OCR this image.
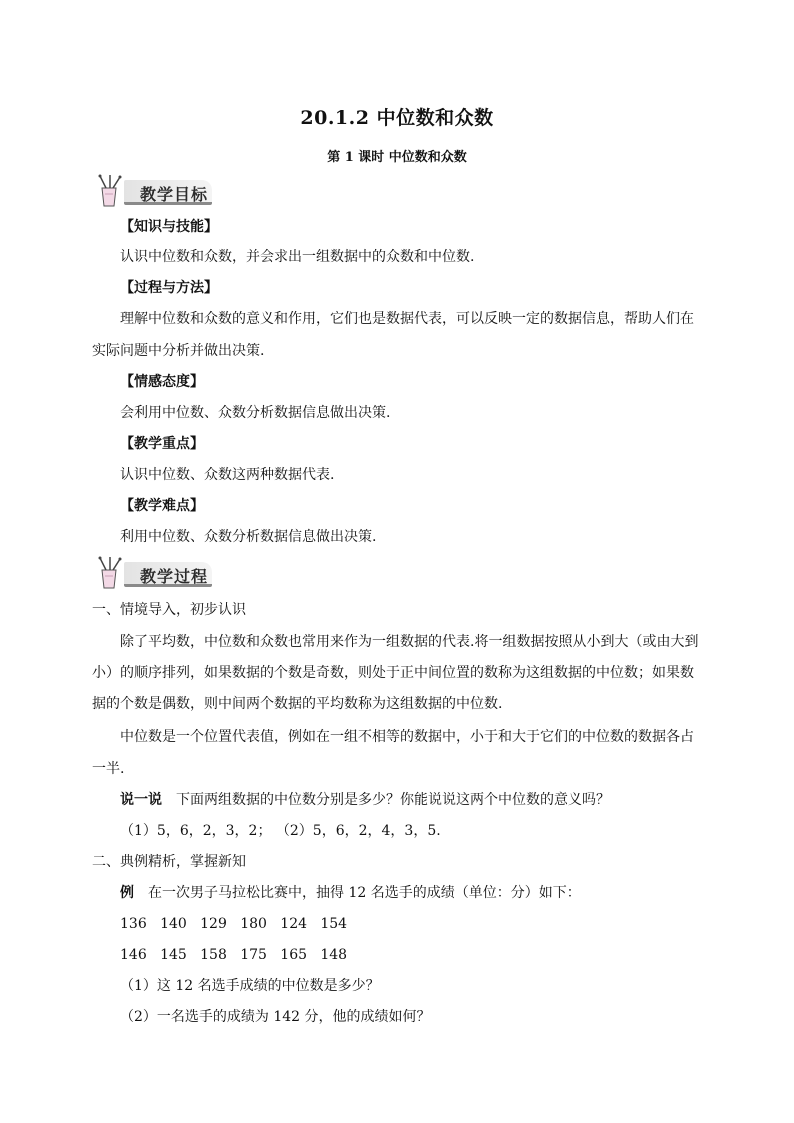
20.1.2 中位数和众数
第 1 课时 中位数和众数
教学目标
【知识与技能】
认识中位数和众数，并会求出一组数据中的众数和中位数.
【过程与方法】
理解中位数和众数的意义和作用，它们也是数据代表，可以反映一定的数据信息，帮助人们在
实际问题中分析并做出决策.
【情感态度】
会利用中位数、众数分析数据信息做出决策.
【教学重点】
认识中位数、众数这两种数据代表.
【教学难点】
利用中位数、众数分析数据信息做出决策.
教学过程
一、情境导入，初步认识
除了平均数，中位数和众数也常用来作为一组数据的代表.将一组数据按照从小到大（或由大到
小）的顺序排列，如果数据的个数是奇数，则处于正中间位置的数称为这组数据的中位数；如果数
据的个数是偶数，则中间两个数据的平均数称为这组数据的中位数.
中位数是一个位置代表值，例如在一组不相等的数据中，小于和大于它们的中位数的数据各占
一半.
说一说 下面两组数据的中位数分别是多少？你能说说这两个中位数的意义吗？
（1）5，6，2，3，2； （2）5，6，2，4，3，5.
二、典例精析，掌握新知
例 在一次男子马拉松比赛中，抽得 12 名选手的成绩（单位：分）如下：
136   140   129   180   124   154
146   145   158   175   165   148
（1）这 12 名选手成绩的中位数是多少？
（2）一名选手的成绩为 142 分，他的成绩如何？
